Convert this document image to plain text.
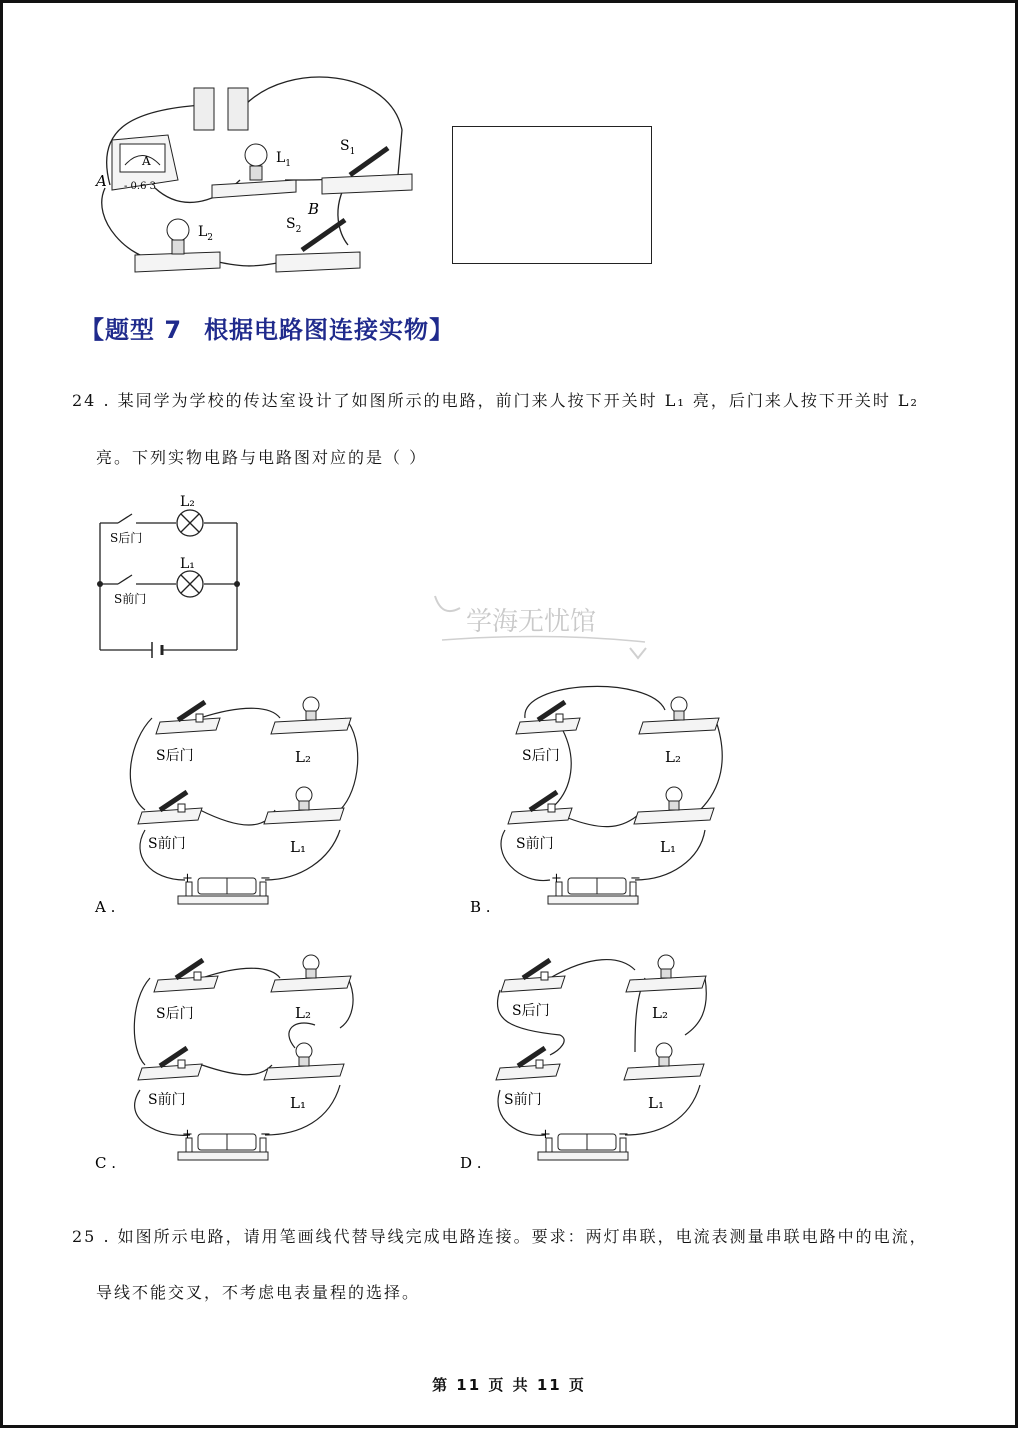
A
- 0.6 3
A
$L_1$
$S_1$
$L_2$
$S_2$
B
【题型 7 根据电路图连接实物】
24 . 某同学为学校的传达室设计了如图所示的电路，前门来人按下开关时 L₁ 亮，后门来人按下开关时 L₂
亮。下列实物电路与电路图对应的是（ ）
L₂
L₁
S后门
S前门
学海无忧馆
S后门	L₂
S前门	L₁
+	−
A .
S后门	L₂
S前门	L₁
+	−
B .
S后门	L₂
S前门	L₁
+	−
C .
S后门	L₂
S前门	L₁
+	−
D .
25 . 如图所示电路，请用笔画线代替导线完成电路连接。要求：两灯串联，电流表测量串联电路中的电流，
导线不能交叉，不考虑电表量程的选择。
第 11 页 共 11 页
